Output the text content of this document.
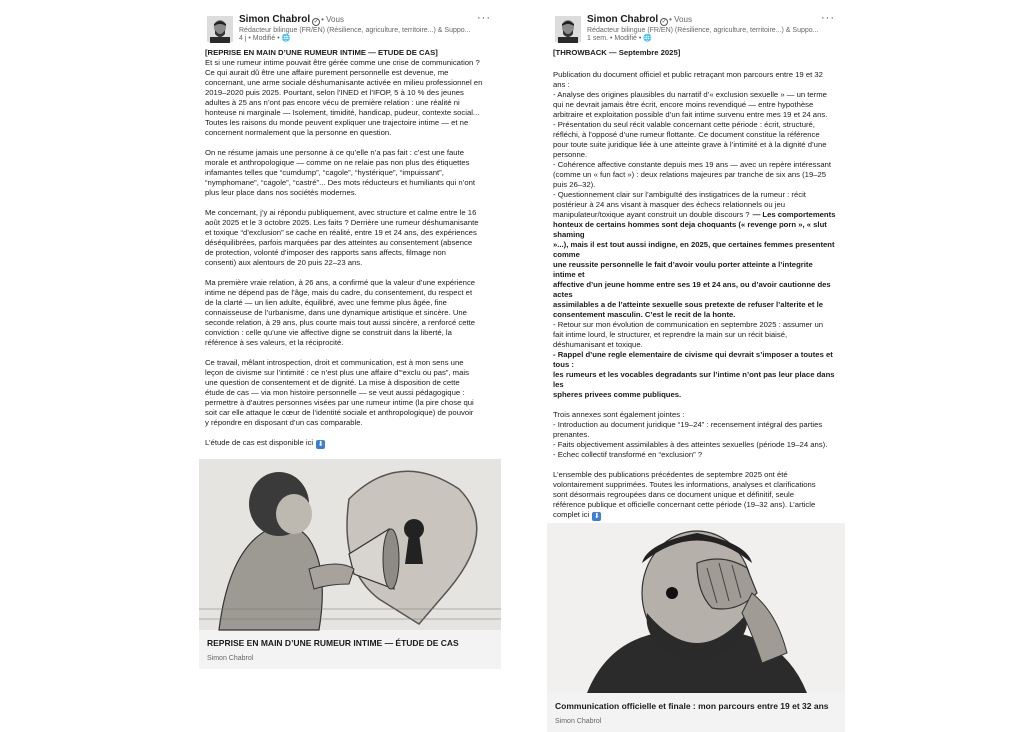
Simon Chabrol ✓ • Vous
Rédacteur bilingue (FR/EN) (Résilience, agriculture, territoire...) & Suppo...
4 j • Modifié • 🌐
···

[REPRISE EN MAIN D’UNE RUMEUR INTIME — ETUDE DE CAS]
Et si une rumeur intime pouvait être gérée comme une crise de communication ?
Ce qui aurait dû être une affaire purement personnelle est devenue, me
concernant, une arme sociale déshumanisante activée en milieu professionnel en
2019–2020 puis 2025. Pourtant, selon l’INED et l’IFOP, 5 à 10 % des jeunes
adultes à 25 ans n’ont pas encore vécu de première relation : une réalité ni
honteuse ni marginale — Isolement, timidité, handicap, pudeur, contexte social...
Toutes les raisons du monde peuvent expliquer une trajectoire intime — et ne
concernent normalement que la personne en question.

On ne résume jamais une personne à ce qu’elle n’a pas fait : c’est une faute
morale et anthropologique — comme on ne relaie pas non plus des étiquettes
infamantes telles que “cumdump”, “cagole”, “hystérique”, “impuissant”,
“nymphomane”, “cagole”, “castré”... Des mots réducteurs et humiliants qui n’ont
plus leur place dans nos sociétés modernes.

Me concernant, j’y ai répondu publiquement, avec structure et calme entre le 16
août 2025 et le 3 octobre 2025. Les faits ? Derrière une rumeur déshumanisante
et toxique “d’exclusion” se cache en réalité, entre 19 et 24 ans, des expériences
déséquilibrées, parfois marquées par des atteintes au consentement (absence
de protection, volonté d’imposer des rapports sans affects, filmage non
consenti) aux alentours de 20 puis 22–23 ans.

Ma première vraie relation, à 26 ans, a confirmé que la valeur d’une expérience
intime ne dépend pas de l’âge, mais du cadre, du consentement, du respect et
de la clarté — un lien adulte, équilibré, avec une femme plus âgée, fine
connaisseuse de l’urbanisme, dans une dynamique artistique et sincère. Une
seconde relation, à 29 ans, plus courte mais tout aussi sincère, a renforcé cette
conviction : celle qu’une vie affective digne se construit dans la liberté, la
référence à ses valeurs, et la réciprocité.

Ce travail, mêlant introspection, droit et communication, est à mon sens une
leçon de civisme sur l’intimité : ce n’est plus une affaire d’“exclu ou pas”, mais
une question de consentement et de dignité. La mise à disposition de cette
étude de cas — via mon histoire personnelle — se veut aussi pédagogique :
permettre à d’autres personnes visées par une rumeur intime (la pire chose qui
soit car elle attaque le cœur de l’identité sociale et anthropologique) de pouvoir
y répondre en disposant d’un cas comparable.

L’étude de cas est disponible ici ⬇

REPRISE EN MAIN D’UNE RUMEUR INTIME — ÉTUDE DE CAS
Simon Chabrol
Simon Chabrol ✓ • Vous
Rédacteur bilingue (FR/EN) (Résilience, agriculture, territoire...) & Suppo...
1 sem. • Modifié • 🌐
···

[THROWBACK — Septembre 2025]

Publication du document officiel et public retraçant mon parcours entre 19 et 32
ans :
- Analyse des origines plausibles du narratif d’« exclusion sexuelle » — un terme
qui ne devrait jamais être écrit, encore moins revendiqué — entre hypothèse
arbitraire et exploitation possible d’un fait intime survenu entre mes 19 et 24 ans.
- Présentation du seul récit valable concernant cette période : écrit, structuré,
réfléchi, à l’opposé d’une rumeur flottante. Ce document constitue la référence
pour toute suite juridique liée à une atteinte grave à l’intimité et à la dignité d’une
personne.
- Cohérence affective constante depuis mes 19 ans — avec un repère intéressant
(comme un « fun fact ») : deux relations majeures par tranche de six ans (19–25
puis 26–32).
- Questionnement clair sur l’ambiguïté des instigatrices de la rumeur : récit
postérieur à 24 ans visant à masquer des échecs relationnels ou jeu
manipulateur/toxique ayant construit un double discours ? — Les comportements

honteux de certains hommes sont deja choquants (« revenge porn », « slut shaming
»...), mais il est tout aussi indigne, en 2025, que certaines femmes presentent comme
une reussite personnelle le fait d’avoir voulu porter atteinte a l’integrite intime et
affective d’un jeune homme entre ses 19 et 24 ans, ou d’avoir cautionne des actes
assimilables a de l’atteinte sexuelle sous pretexte de refuser l’alterite et le
consentement masculin. C’est le recit de la honte.
- Retour sur mon évolution de communication en septembre 2025 : assumer un
fait intime lourd, le structurer, et reprendre la main sur un récit biaisé,
déshumanisant et toxique.
- Rappel d’une regle elementaire de civisme qui devrait s’imposer a toutes et tous :
les rumeurs et les vocables degradants sur l’intime n’ont pas leur place dans les
spheres privees comme publiques.

Trois annexes sont également jointes :
- Introduction au document juridique “19–24” : recensement intégral des parties
prenantes.
- Faits objectivement assimilables à des atteintes sexuelles (période 19–24 ans).
- Echec collectif transformé en “exclusion” ?

L’ensemble des publications précédentes de septembre 2025 ont été
volontairement supprimées. Toutes les informations, analyses et clarifications
sont désormais regroupées dans ce document unique et définitif, seule
référence publique et officielle concernant cette période (19–32 ans). L’article
complet ici ⬇

Communication officielle et finale : mon parcours entre 19 et 32 ans
Simon Chabrol
